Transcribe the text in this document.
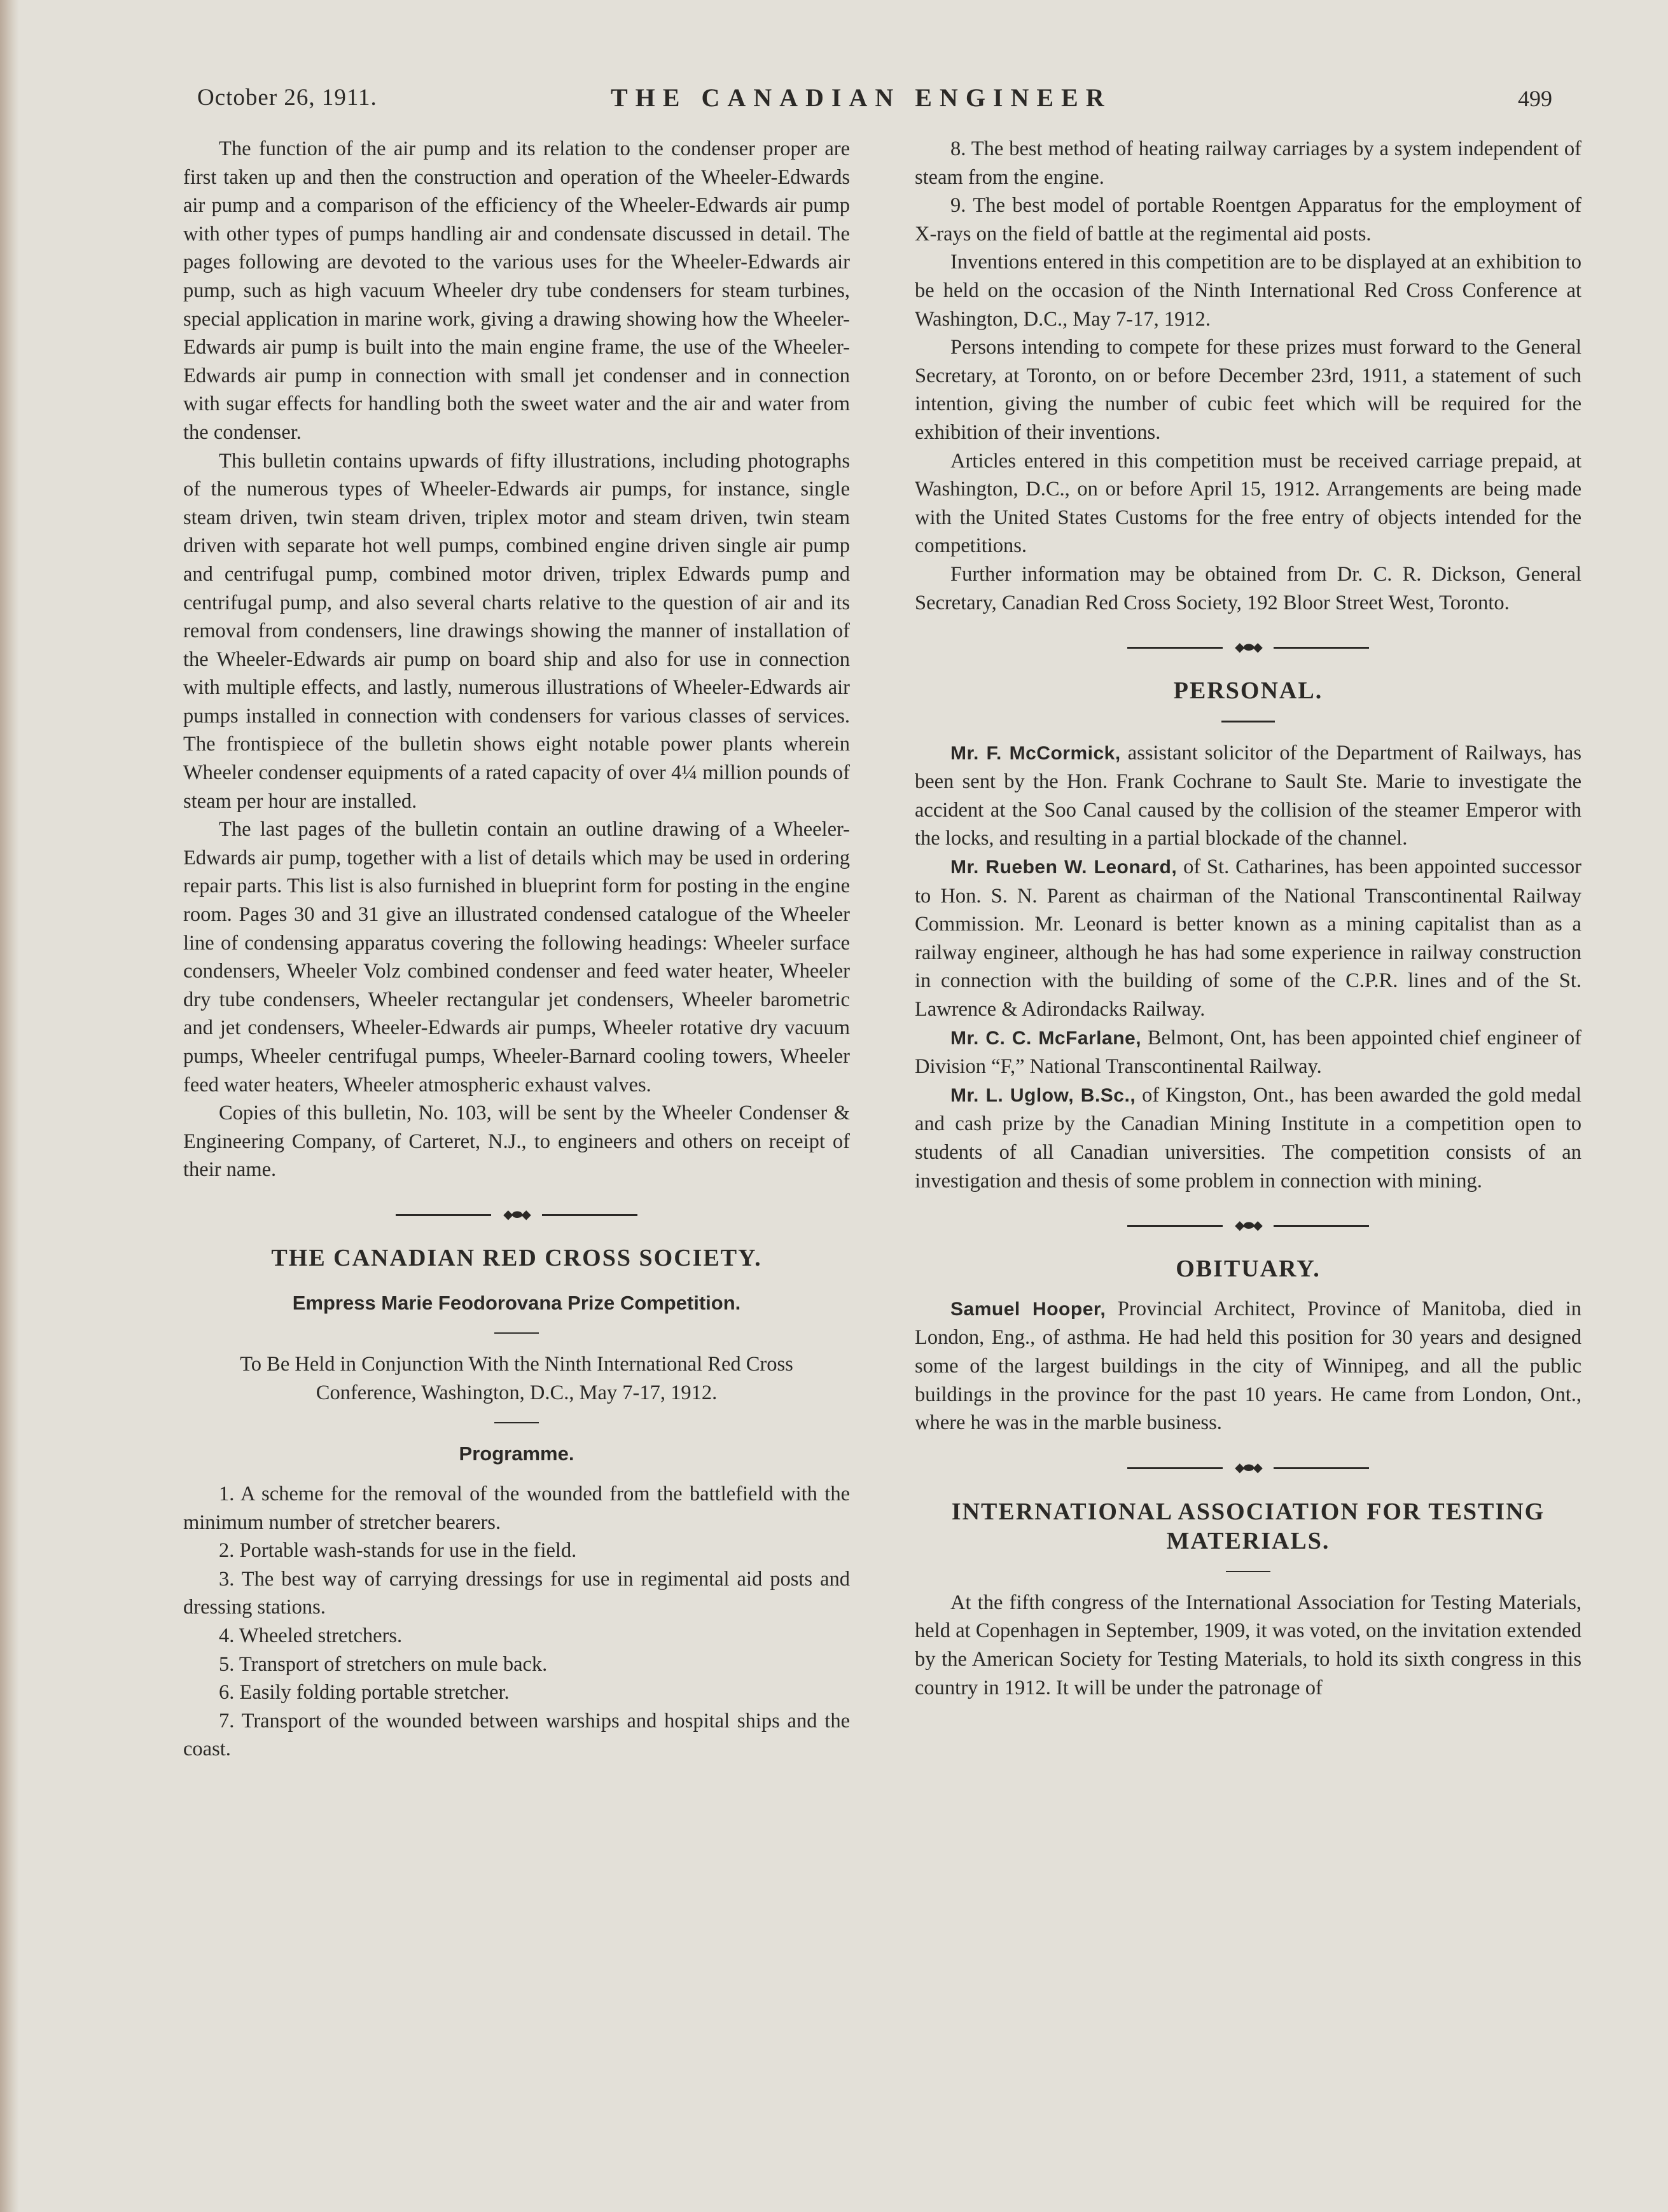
October 26, 1911.	THE CANADIAN ENGINEER	499

The function of the air pump and its relation to the condenser proper are first taken up and then the construction and operation of the Wheeler-Edwards air pump and a comparison of the efficiency of the Wheeler-Edwards air pump with other types of pumps handling air and condensate discussed in detail. The pages following are devoted to the various uses for the Wheeler-Edwards air pump, such as high vacuum Wheeler dry tube condensers for steam turbines, special application in marine work, giving a drawing showing how the Wheeler-Edwards air pump is built into the main engine frame, the use of the Wheeler-Edwards air pump in connection with small jet condenser and in connection with sugar effects for handling both the sweet water and the air and water from the condenser.

This bulletin contains upwards of fifty illustrations, including photographs of the numerous types of Wheeler-Edwards air pumps, for instance, single steam driven, twin steam driven, triplex motor and steam driven, twin steam driven with separate hot well pumps, combined engine driven single air pump and centrifugal pump, combined motor driven, triplex Edwards pump and centrifugal pump, and also several charts relative to the question of air and its removal from condensers, line drawings showing the manner of installation of the Wheeler-Edwards air pump on board ship and also for use in connection with multiple effects, and lastly, numerous illustrations of Wheeler-Edwards air pumps installed in connection with condensers for various classes of services. The frontispiece of the bulletin shows eight notable power plants wherein Wheeler condenser equipments of a rated capacity of over 4¼ million pounds of steam per hour are installed.

The last pages of the bulletin contain an outline drawing of a Wheeler-Edwards air pump, together with a list of details which may be used in ordering repair parts. This list is also furnished in blueprint form for posting in the engine room. Pages 30 and 31 give an illustrated condensed catalogue of the Wheeler line of condensing apparatus covering the following headings: Wheeler surface condensers, Wheeler Volz combined condenser and feed water heater, Wheeler dry tube condensers, Wheeler rectangular jet condensers, Wheeler barometric and jet condensers, Wheeler-Edwards air pumps, Wheeler rotative dry vacuum pumps, Wheeler centrifugal pumps, Wheeler-Barnard cooling towers, Wheeler feed water heaters, Wheeler atmospheric exhaust valves.

Copies of this bulletin, No. 103, will be sent by the Wheeler Condenser & Engineering Company, of Carteret, N.J., to engineers and others on receipt of their name.

◆⬬◆
THE CANADIAN RED CROSS SOCIETY.
Empress Marie Feodorovana Prize Competition.

To Be Held in Conjunction With the Ninth International Red Cross Conference, Washington, D.C., May 7-17, 1912.

Programme.

1. A scheme for the removal of the wounded from the battlefield with the minimum number of stretcher bearers.

2. Portable wash-stands for use in the field.

3. The best way of carrying dressings for use in regimental aid posts and dressing stations.

4. Wheeled stretchers.

5. Transport of stretchers on mule back.

6. Easily folding portable stretcher.

7. Transport of the wounded between warships and hospital ships and the coast.

8. The best method of heating railway carriages by a system independent of steam from the engine.

9. The best model of portable Roentgen Apparatus for the employment of X-rays on the field of battle at the regimental aid posts.

Inventions entered in this competition are to be displayed at an exhibition to be held on the occasion of the Ninth International Red Cross Conference at Washington, D.C., May 7-17, 1912.

Persons intending to compete for these prizes must forward to the General Secretary, at Toronto, on or before December 23rd, 1911, a statement of such intention, giving the number of cubic feet which will be required for the exhibition of their inventions.

Articles entered in this competition must be received carriage prepaid, at Washington, D.C., on or before April 15, 1912. Arrangements are being made with the United States Customs for the free entry of objects intended for the competitions.

Further information may be obtained from Dr. C. R. Dickson, General Secretary, Canadian Red Cross Society, 192 Bloor Street West, Toronto.

◆⬬◆
PERSONAL.

Mr. F. McCormick, assistant solicitor of the Department of Railways, has been sent by the Hon. Frank Cochrane to Sault Ste. Marie to investigate the accident at the Soo Canal caused by the collision of the steamer Emperor with the locks, and resulting in a partial blockade of the channel.

Mr. Rueben W. Leonard, of St. Catharines, has been appointed successor to Hon. S. N. Parent as chairman of the National Transcontinental Railway Commission. Mr. Leonard is better known as a mining capitalist than as a railway engineer, although he has had some experience in railway construction in connection with the building of some of the C.P.R. lines and of the St. Lawrence & Adirondacks Railway.

Mr. C. C. McFarlane, Belmont, Ont, has been appointed chief engineer of Division “F,” National Transcontinental Railway.

Mr. L. Uglow, B.Sc., of Kingston, Ont., has been awarded the gold medal and cash prize by the Canadian Mining Institute in a competition open to students of all Canadian universities. The competition consists of an investigation and thesis of some problem in connection with mining.

◆⬬◆
OBITUARY.

Samuel Hooper, Provincial Architect, Province of Manitoba, died in London, Eng., of asthma. He had held this position for 30 years and designed some of the largest buildings in the city of Winnipeg, and all the public buildings in the province for the past 10 years. He came from London, Ont., where he was in the marble business.

◆⬬◆
INTERNATIONAL ASSOCIATION FOR TESTING MATERIALS.

At the fifth congress of the International Association for Testing Materials, held at Copenhagen in September, 1909, it was voted, on the invitation extended by the American Society for Testing Materials, to hold its sixth congress in this country in 1912. It will be under the patronage of
